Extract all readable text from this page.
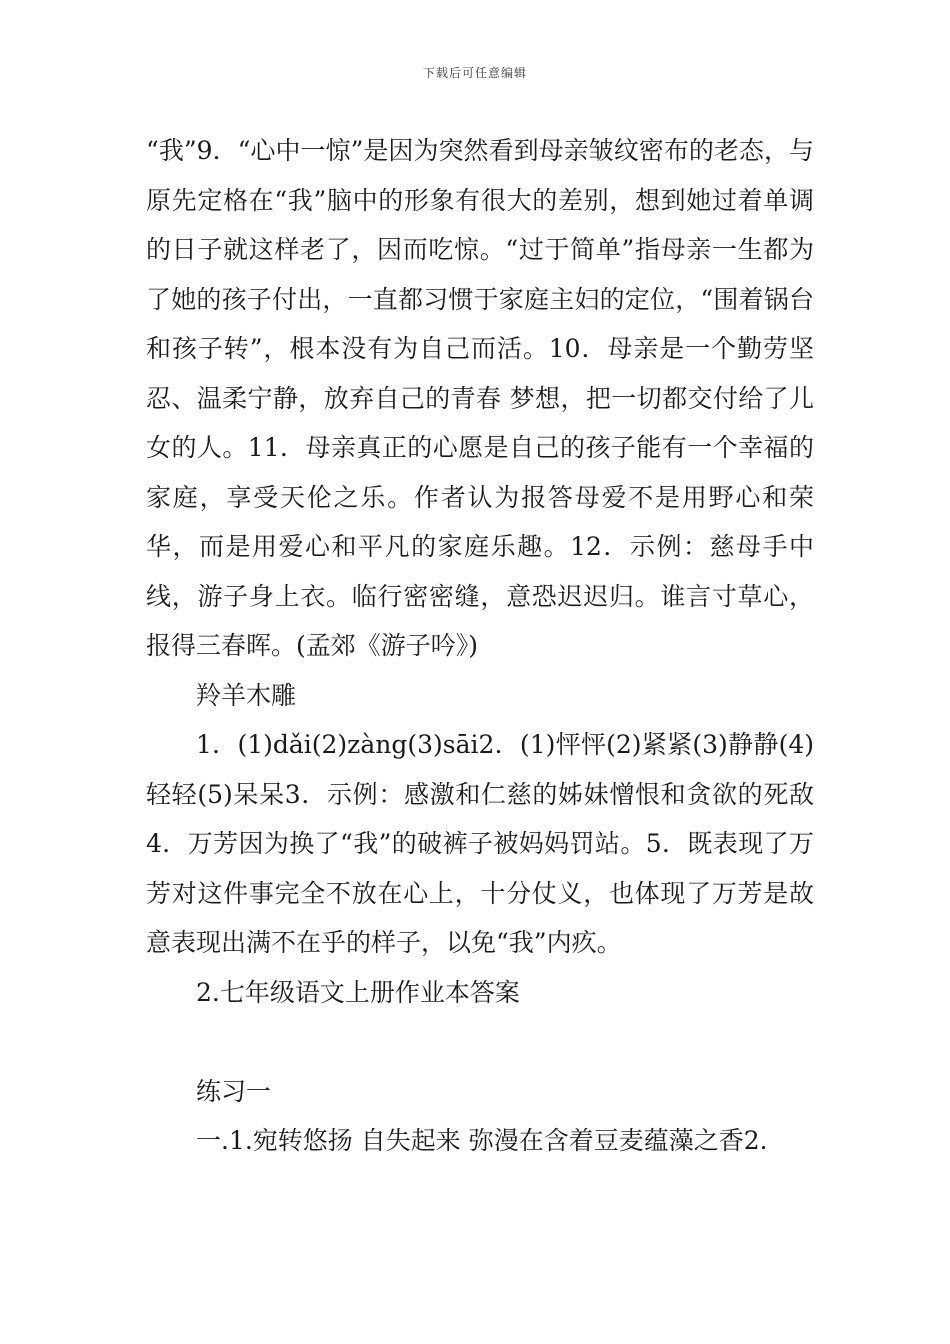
下载后可任意编辑

“我”9．“心中一惊”是因为突然看到母亲皱纹密布的老态，与原先定格在“我”脑中的形象有很大的差别，想到她过着单调的日子就这样老了，因而吃惊。“过于简单”指母亲一生都为了她的孩子付出，一直都习惯于家庭主妇的定位，“围着锅台和孩子转”，根本没有为自己而活。10．母亲是一个勤劳坚忍、温柔宁静，放弃自己的青春 梦想，把一切都交付给了儿女的人。11．母亲真正的心愿是自己的孩子能有一个幸福的家庭，享受天伦之乐。作者认为报答母爱不是用野心和荣华，而是用爱心和平凡的家庭乐趣。12．示例：慈母手中线，游子身上衣。临行密密缝，意恐迟迟归。谁言寸草心，报得三春晖。(孟郊《游子吟》)

羚羊木雕

1．(1)dǎi(2)zàng(3)sāi2．(1)怦怦(2)紧紧(3)静静(4)轻轻(5)呆呆3．示例：感激和仁慈的姊妹憎恨和贪欲的死敌4．万芳因为换了“我”的破裤子被妈妈罚站。5．既表现了万芳对这件事完全不放在心上，十分仗义，也体现了万芳是故意表现出满不在乎的样子，以免“我”内疚。

2.七年级语文上册作业本答案

练习一

一.1.宛转悠扬 自失起来 弥漫在含着豆麦蕴藻之香2.
